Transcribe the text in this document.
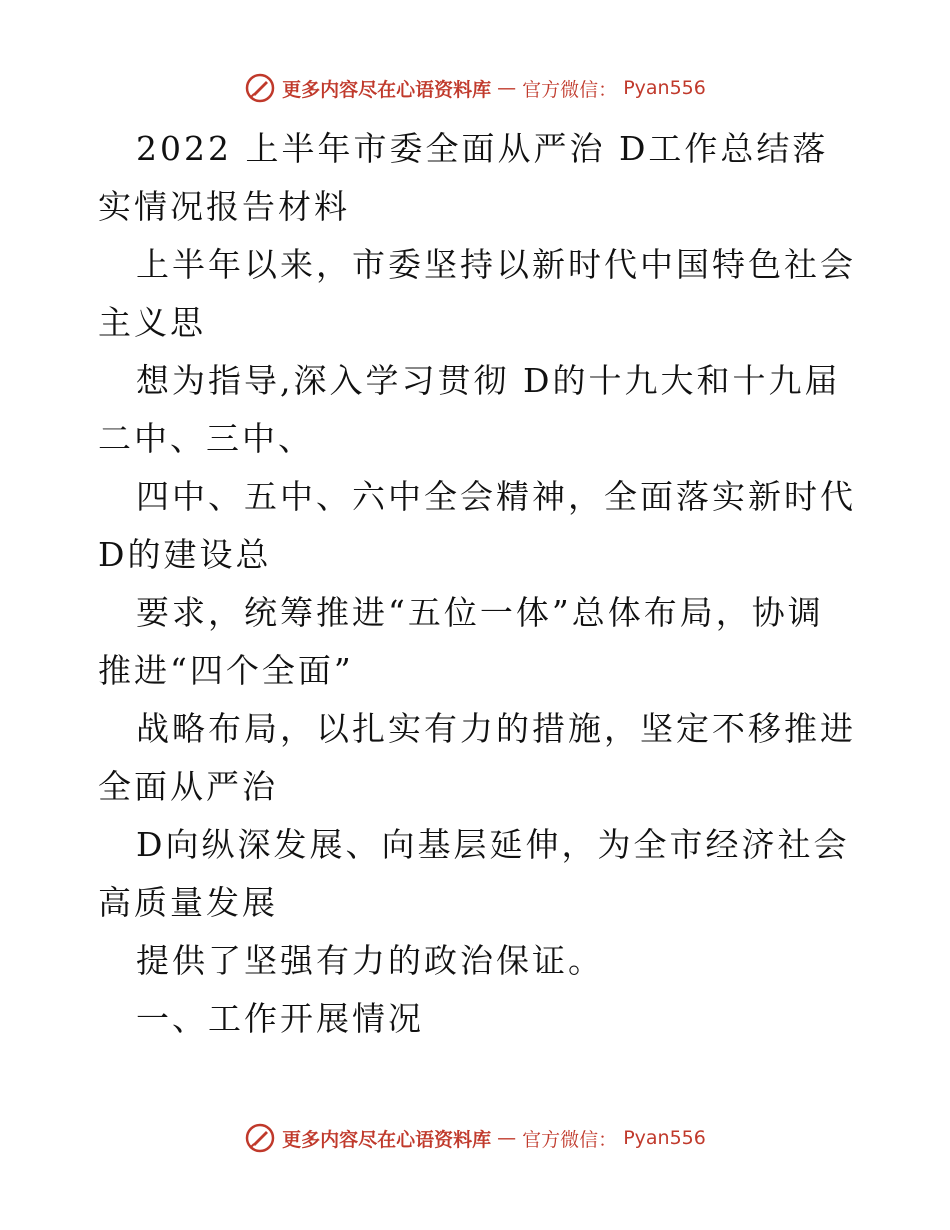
更多内容尽在心语资料库 — 官方微信： Pyan556

2022 上半年市委全面从严治 D工作总结落实情况报告材料

上半年以来，市委坚持以新时代中国特色社会主义思

想为指导,深入学习贯彻 D的十九大和十九届二中、三中、

四中、五中、六中全会精神，全面落实新时代 D的建设总

要求，统筹推进“五位一体”总体布局，协调推进“四个全面”

战略布局，以扎实有力的措施，坚定不移推进全面从严治

D向纵深发展、向基层延伸，为全市经济社会高质量发展

提供了坚强有力的政治保证。

一、工作开展情况

更多内容尽在心语资料库 — 官方微信： Pyan556
